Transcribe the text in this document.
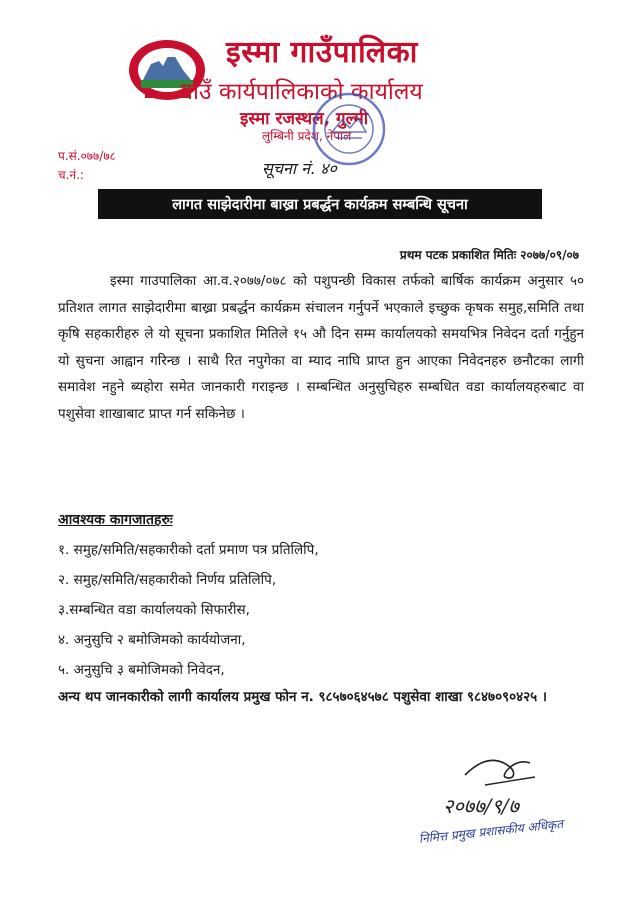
इस्मा गाउँपालिका
गाउँ कार्यपालिकाको कार्यालय
इस्मा रजस्थल, गुल्मी
लुम्बिनी प्रदेश, नेपाल
प.सं.०७७/७८
च.नं.:	सूचना नं. ४०
लागत साझेदारीमा बाख्रा प्रबर्द्धन कार्यक्रम सम्बन्धि सूचना
प्रथम पटक प्रकाशित मितिः २०७७/०९/०७
इस्मा गाउपालिका आ.व.२०७७/०७८ को पशुपन्छी विकास तर्फको बार्षिक कार्यक्रम अनुसार ५० प्रतिशत लागत साझेदारीमा बाख्रा प्रबर्द्धन कार्यक्रम संचालन गर्नुपर्ने भएकाले इच्छुक कृषक समुह,समिति तथा कृषि सहकारीहरु ले यो सूचना प्रकाशित मितिले १५ औ दिन सम्म कार्यालयको समयभित्र निवेदन दर्ता गर्नुहुन यो सुचना आह्वान गरिन्छ । साथै रित नपुगेका वा म्याद नाघि प्राप्त हुन आएका निवेदनहरु छनौटका लागी समावेश नहुने ब्यहोरा समेत जानकारी गराइन्छ । सम्बन्धित अनुसुचिहरु सम्बधित वडा कार्यालयहरुबाट वा पशुसेवा शाखाबाट प्राप्त गर्न सकिनेछ ।
आवश्यक कागजातहरुः
१. समुह/समिति/सहकारीको दर्ता प्रमाण पत्र प्रतिलिपि,
२. समुह/समिति/सहकारीको निर्णय प्रतिलिपि,
३.सम्बन्धित वडा कार्यालयको सिफारीस,
४. अनुसुचि २ बमोजिमको कार्ययोजना,
५. अनुसुचि ३ बमोजिमको निवेदन,
अन्य थप जानकारीको लागी कार्यालय प्रमुख फोन न. ९८५७०६४५७८ पशुसेवा शाखा ९८४७०९०४२५ ।
२०७७/९/७
निमित्त प्रमुख प्रशासकीय अधिकृत
